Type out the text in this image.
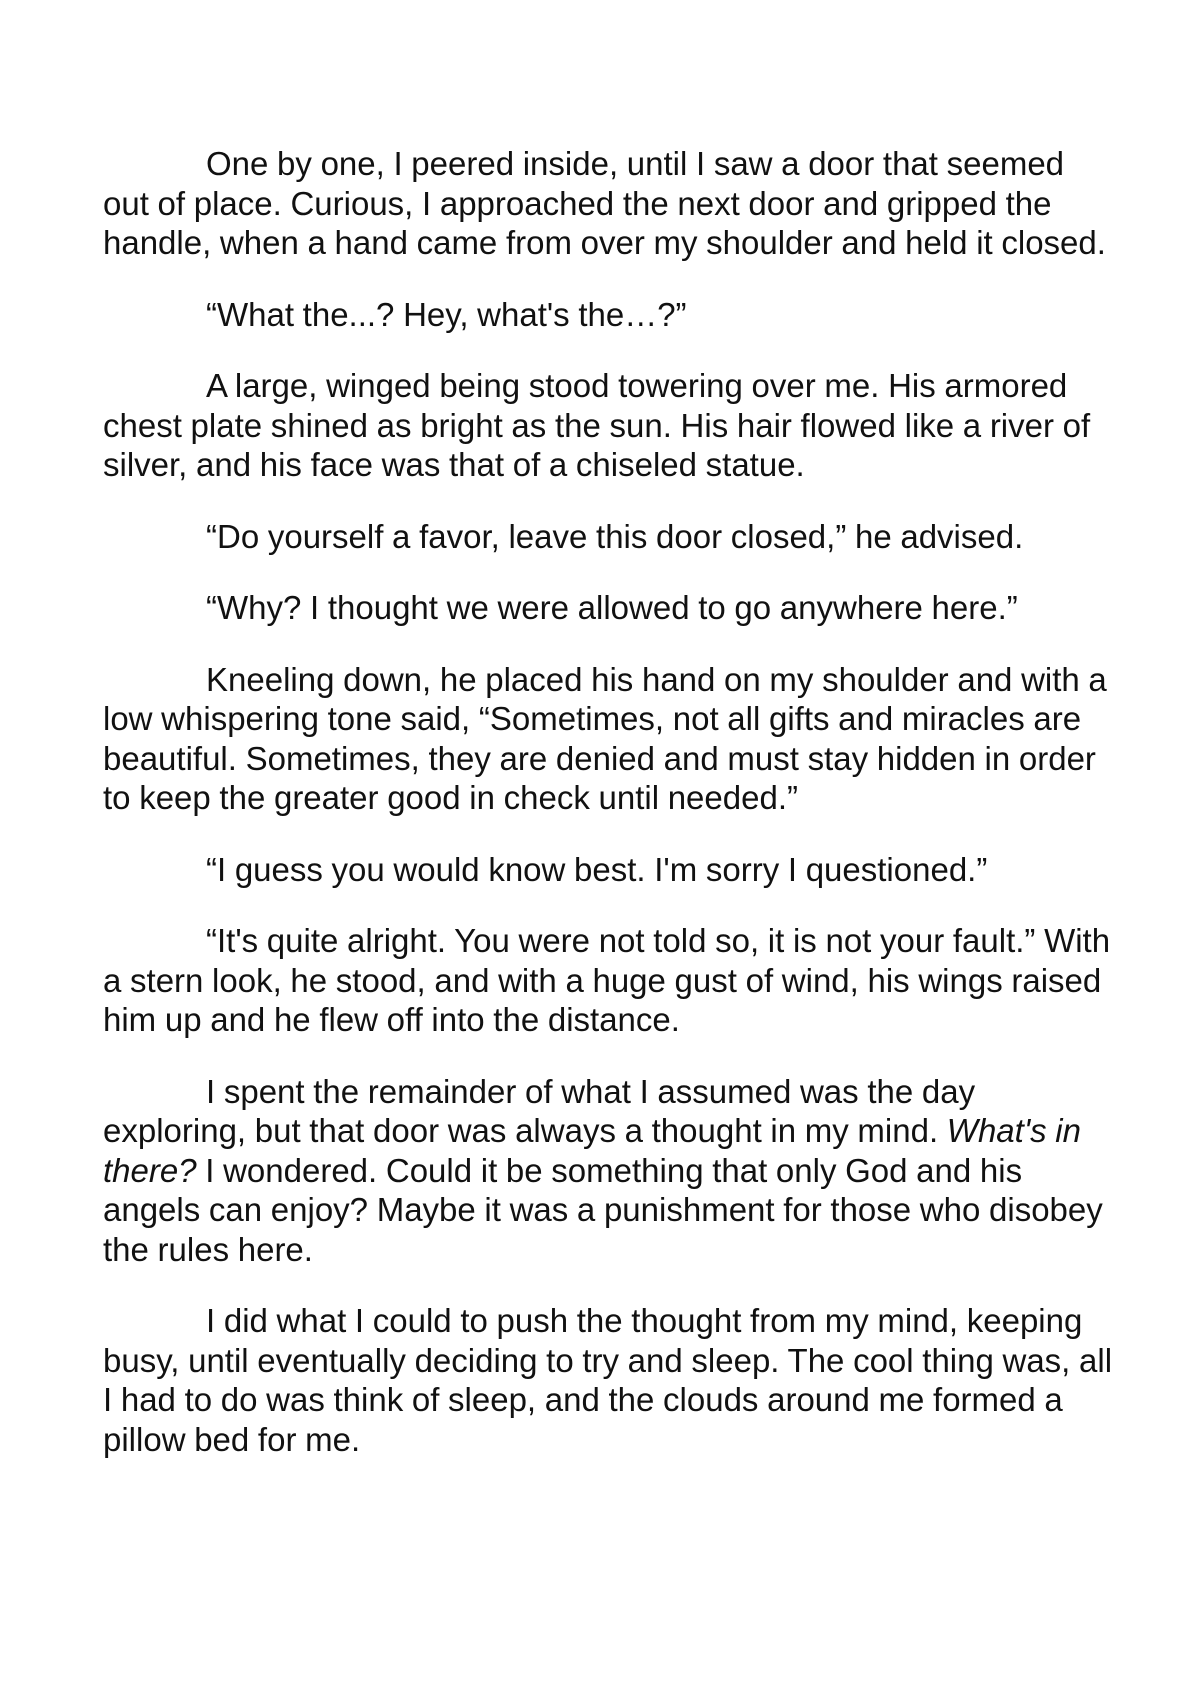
One by one, I peered inside, until I saw a door that seemed out of place. Curious, I approached the next door and gripped the handle, when a hand came from over my shoulder and held it closed.

“What the...? Hey, what's the…?”

A large, winged being stood towering over me. His armored chest plate shined as bright as the sun. His hair flowed like a river of silver, and his face was that of a chiseled statue.

“Do yourself a favor, leave this door closed,” he advised.

“Why? I thought we were allowed to go anywhere here.”

Kneeling down, he placed his hand on my shoulder and with a low whispering tone said, “Sometimes, not all gifts and miracles are beautiful. Sometimes, they are denied and must stay hidden in order to keep the greater good in check until needed.”

“I guess you would know best. I'm sorry I questioned.”

“It's quite alright. You were not told so, it is not your fault.” With a stern look, he stood, and with a huge gust of wind, his wings raised him up and he flew off into the distance.

I spent the remainder of what I assumed was the day exploring, but that door was always a thought in my mind. What's in there? I wondered. Could it be something that only God and his angels can enjoy? Maybe it was a punishment for those who disobey the rules here.

I did what I could to push the thought from my mind, keeping busy, until eventually deciding to try and sleep. The cool thing was, all I had to do was think of sleep, and the clouds around me formed a pillow bed for me.
